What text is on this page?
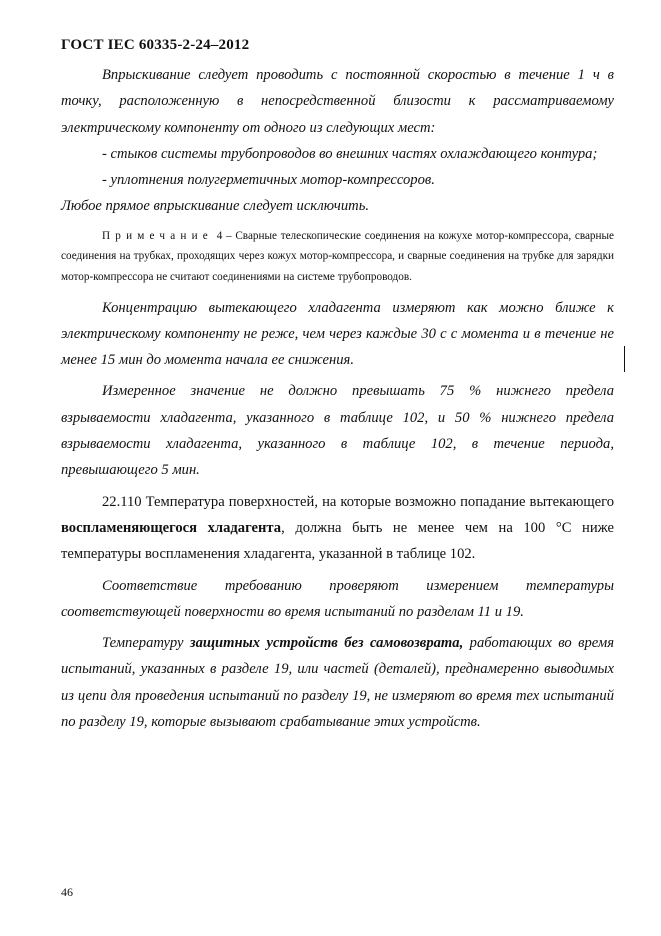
ГОСТ IEC 60335-2-24–2012

Впрыскивание следует проводить с постоянной скоростью в течение 1 ч в точку, расположенную в непосредственной близости к рассматриваемому электрическому компоненту от одного из следующих мест:

- стыков системы трубопроводов во внешних частях охлаждающего контура;

- уплотнения полугерметичных мотор-компрессоров.

Любое прямое впрыскивание следует исключить.

Примечание 4 – Сварные телескопические соединения на кожухе мотор-компрессора, сварные соединения на трубках, проходящих через кожух мотор-компрессора, и сварные соединения на трубке для зарядки мотор-компрессора не считают соединениями на системе трубопроводов.

Концентрацию вытекающего хладагента измеряют как можно ближе к электрическому компоненту не реже, чем через каждые 30 с с момента и в течение не менее 15 мин до момента начала ее снижения.

Измеренное значение не должно превышать 75 % нижнего предела взрываемости хладагента, указанного в таблице 102, и 50 % нижнего предела взрываемости хладагента, указанного в таблице 102, в течение периода, превышающего 5 мин.

22.110 Температура поверхностей, на которые возможно попадание вытекающего воспламеняющегося хладагента, должна быть не менее чем на 100 °С ниже температуры воспламенения хладагента, указанной в таблице 102.

Соответствие требованию проверяют измерением температуры соответствующей поверхности во время испытаний по разделам 11 и 19.

Температуру защитных устройств без самовозврата, работающих во время испытаний, указанных в разделе 19, или частей (деталей), преднамеренно выводимых из цепи для проведения испытаний по разделу 19, не измеряют во время тех испытаний по разделу 19, которые вызывают срабатывание этих устройств.

46
